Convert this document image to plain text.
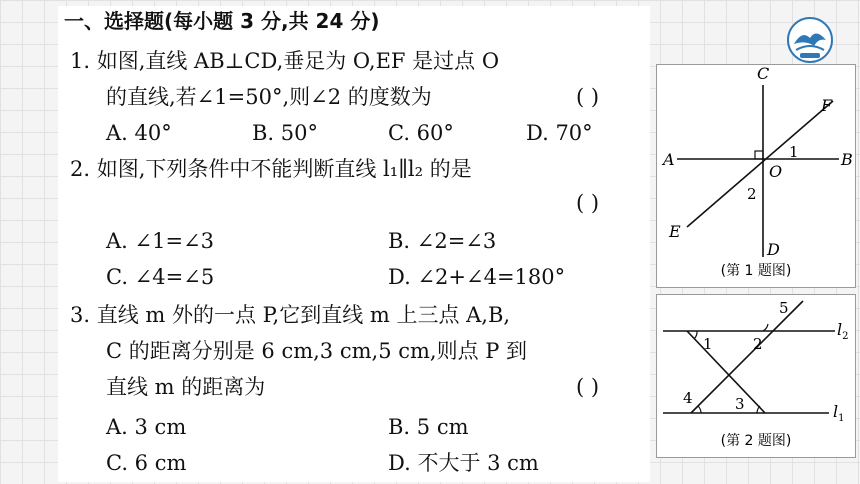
一、选择题(每小题 3 分,共 24 分)
1. 如图,直线 AB⊥CD,垂足为 O,EF 是过点 O
的直线,若∠1=50°,则∠2 的度数为	( )
A. 40°	B. 50°	C. 60°	D. 70°
2. 如图,下列条件中不能判断直线 l₁∥l₂ 的是
( )
A. ∠1=∠3	B. ∠2=∠3
C. ∠4=∠5	D. ∠2+∠4=180°
3. 直线 m 外的一点 P,它到直线 m 上三点 A,B,
C 的距离分别是 6 cm,3 cm,5 cm,则点 P 到
直线 m 的距离为	( )
A. 3 cm	B. 5 cm
C. 6 cm	D. 不大于 3 cm
C
A	B
F
E
D
O
1
2
(第 1 题图)
5
1	2
4	3
$l_2$
$l_1$
(第 2 题图)
